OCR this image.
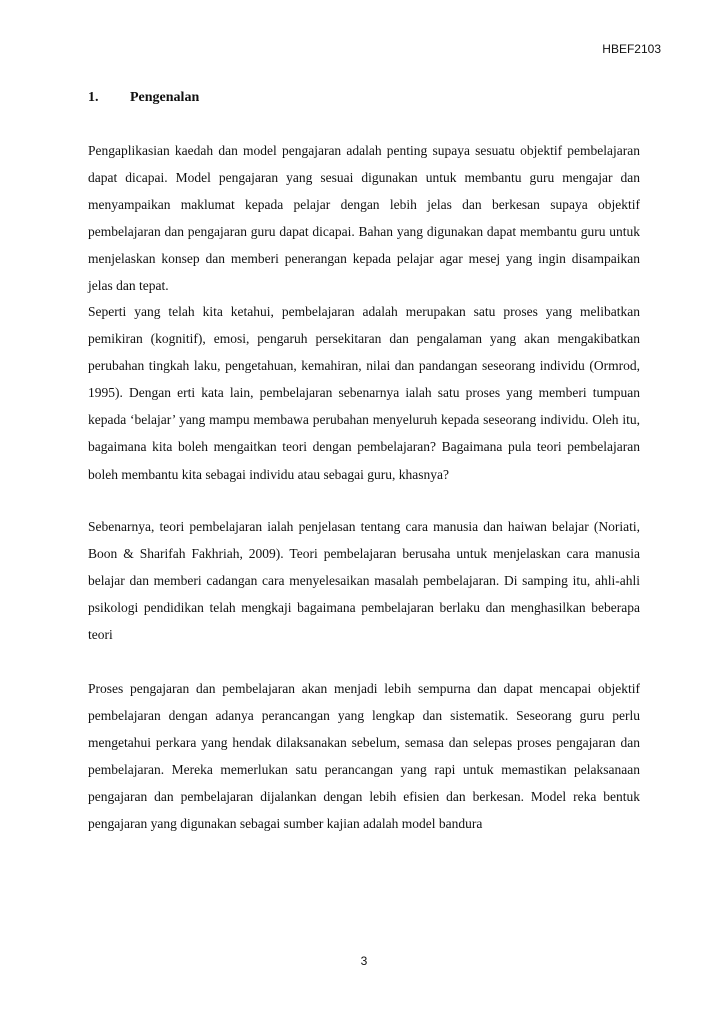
HBEF2103
1. Pengenalan

Pengaplikasian kaedah dan model pengajaran adalah penting supaya sesuatu objektif pembelajaran dapat dicapai. Model pengajaran yang sesuai digunakan untuk membantu guru mengajar dan menyampaikan maklumat kepada pelajar dengan lebih jelas dan berkesan supaya objektif pembelajaran dan pengajaran guru dapat dicapai. Bahan yang digunakan dapat membantu guru untuk menjelaskan konsep dan memberi penerangan kepada pelajar agar mesej yang ingin disampaikan jelas dan tepat.

Seperti yang telah kita ketahui, pembelajaran adalah merupakan satu proses yang melibatkan pemikiran (kognitif), emosi, pengaruh persekitaran dan pengalaman yang akan mengakibatkan perubahan tingkah laku, pengetahuan, kemahiran, nilai dan pandangan seseorang individu (Ormrod, 1995). Dengan erti kata lain, pembelajaran sebenarnya ialah satu proses yang memberi tumpuan kepada ‘belajar’ yang mampu membawa perubahan menyeluruh kepada seseorang individu. Oleh itu, bagaimana kita boleh mengaitkan teori dengan pembelajaran? Bagaimana pula teori pembelajaran boleh membantu kita sebagai individu atau sebagai guru, khasnya?

Sebenarnya, teori pembelajaran ialah penjelasan tentang cara manusia dan haiwan belajar (Noriati, Boon & Sharifah Fakhriah, 2009). Teori pembelajaran berusaha untuk menjelaskan cara manusia belajar dan memberi cadangan cara menyelesaikan masalah pembelajaran. Di samping itu, ahli-ahli psikologi pendidikan telah mengkaji bagaimana pembelajaran berlaku dan menghasilkan beberapa teori

Proses pengajaran dan pembelajaran akan menjadi lebih sempurna dan dapat mencapai objektif pembelajaran dengan adanya perancangan yang lengkap dan sistematik. Seseorang guru perlu mengetahui perkara yang hendak dilaksanakan sebelum, semasa dan selepas proses pengajaran dan pembelajaran. Mereka memerlukan satu perancangan yang rapi untuk memastikan pelaksanaan pengajaran dan pembelajaran dijalankan dengan lebih efisien dan berkesan. Model reka bentuk pengajaran yang digunakan sebagai sumber kajian adalah model bandura

3
